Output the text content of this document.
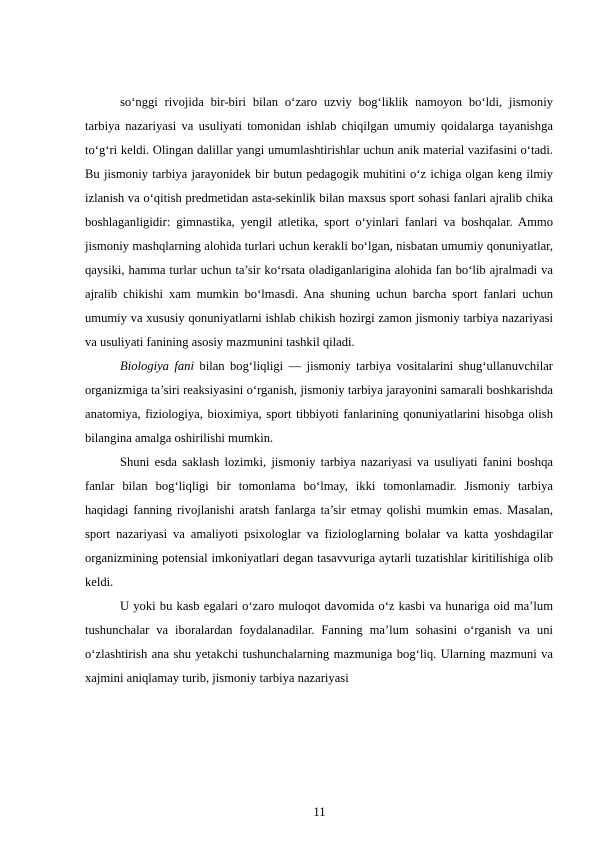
so‘nggi rivojida bir-biri bilan o‘zaro uzviy bog‘liklik namoyon bo‘ldi, jismoniy tarbiya nazariyasi va usuliyati tomonidan ishlab chiqilgan umumiy qoidalarga tayanishga to‘g‘ri keldi. Olingan dalillar yangi umumlashtirishlar uchun anik material vazifasini o‘tadi. Bu jismoniy tarbiya jarayonidek bir butun pedagogik muhitini o‘z ichiga olgan keng ilmiy izlanish va o‘qitish predmetidan asta-sekinlik bilan maxsus sport sohasi fanlari ajralib chika boshlaganligidir: gimnastika, yengil atletika, sport o‘yinlari fanlari va boshqalar. Ammo jismoniy mashqlarning alohida turlari uchun kerakli bo‘lgan, nisbatan umumiy qonuniyatlar, qaysiki, hamma turlar uchun ta’sir ko‘rsata oladiganlarigina alohida fan bo‘lib ajralmadi va ajralib chikishi xam mumkin bo‘lmasdi. Ana shuning uchun barcha sport fanlari uchun umumiy va xususiy qonuniyatlarni ishlab chikish hozirgi zamon jismoniy tarbiya nazariyasi va usuliyati fanining asosiy mazmunini tashkil qiladi.

Biologiya fani bilan bog‘liqligi — jismoniy tarbiya vositalarini shug‘ullanuvchilar organizmiga ta’siri reaksiyasini o‘rganish, jismoniy tarbiya jarayonini samarali boshkarishda anatomiya, fiziologiya, bioximiya, sport tibbiyoti fanlarining qonuniyatlarini hisobga olish bilangina amalga oshirilishi mumkin.

Shuni esda saklash lozimki, jismoniy tarbiya nazariyasi va usuliyati fanini boshqa fanlar bilan bog‘liqligi bir tomonlama bo‘lmay, ikki tomonlamadir. Jismoniy tarbiya haqidagi fanning rivojlanishi aratsh fanlarga ta’sir etmay qolishi mumkin emas. Masalan, sport nazariyasi va amaliyoti psixologlar va fiziologlarning bolalar va katta yoshdagilar organizmining potensial imkoniyatlari degan tasavvuriga aytarli tuzatishlar kiritilishiga olib keldi.

U yoki bu kasb egalari o‘zaro muloqot davomida o‘z kasbi va hunariga oid ma’lum tushunchalar va iboralardan foydalanadilar. Fanning ma’lum sohasini o‘rganish va uni o‘zlashtirish ana shu yetakchi tushunchalarning mazmuniga bog‘liq. Ularning mazmuni va xajmini aniqlamay turib, jismoniy tarbiya nazariyasi

11
